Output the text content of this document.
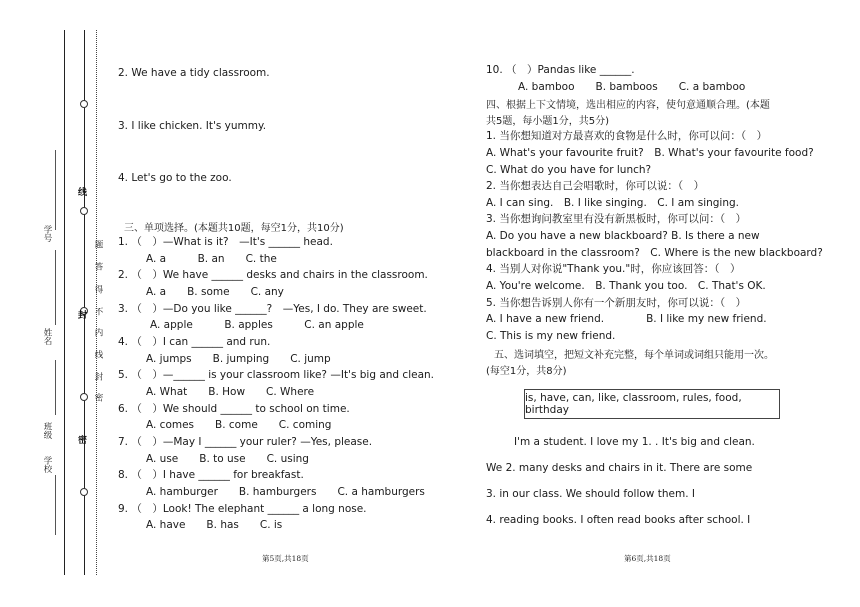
线
封
密
题
答
得
不
内
线
封
密
学号
姓名
班级
学校
2. We have a tidy classroom.
3. I like chicken. It's yummy.
4. Let's go to the zoo.
三、单项选择。(本题共10题，每空1分，共10分)
1. （　）—What is it?　—It's ______ head.
A. a　　　B. an　　C. the
2. （　）We have ______ desks and chairs in the classroom.
A. a　　B. some　　C. any
3. （　）—Do you like ______?　—Yes, I do. They are sweet.
A. apple　　　B. apples　　　C. an apple
4. （　）I can ______ and run.
A. jumps　　B. jumping　　C. jump
5. （　）—______ is your classroom like? —It's big and clean.
A. What　　B. How　　C. Where
6. （　）We should ______ to school on time.
A. comes　　B. come　　C. coming
7. （　）—May I ______ your ruler? —Yes, please.
A. use　　B. to use　　C. using
8. （　）I have ______ for breakfast.
A. hamburger　　B. hamburgers　　C. a hamburgers
9. （　）Look! The elephant ______ a long nose.
A. have　　B. has　　C. is
第5页,共18页
10. （　）Pandas like ______.
A. bamboo　　B. bamboos　　C. a bamboo
四、根据上下文情境，选出相应的内容，使句意通顺合理。(本题
共5题，每小题1分，共5分)
1. 当你想知道对方最喜欢的食物是什么时，你可以问：（　）
A. What's your favourite fruit?　B. What's your favourite food?
C. What do you have for lunch?
2. 当你想表达自己会唱歌时，你可以说：（　）
A. I can sing.　B. I like singing.　C. I am singing.
3. 当你想询问教室里有没有新黑板时，你可以问：（　）
A. Do you have a new blackboard? B. Is there a new
blackboard in the classroom?　C. Where is the new blackboard?
4. 当别人对你说"Thank you."时，你应该回答：（　）
A. You're welcome.　B. Thank you too.　C. That's OK.
5. 当你想告诉别人你有一个新朋友时，你可以说：（　）
A. I have a new friend.　　　　B. I like my new friend.
C. This is my new friend.
五、选词填空，把短文补充完整，每个单词或词组只能用一次。
(每空1分，共8分)
is, have, can, like, classroom, rules, food, birthday
I'm a student. I love my 1. . It's big and clean.
We 2. many desks and chairs in it. There are some
3. in our class. We should follow them. I
4. reading books. I often read books after school. I
第6页,共18页
